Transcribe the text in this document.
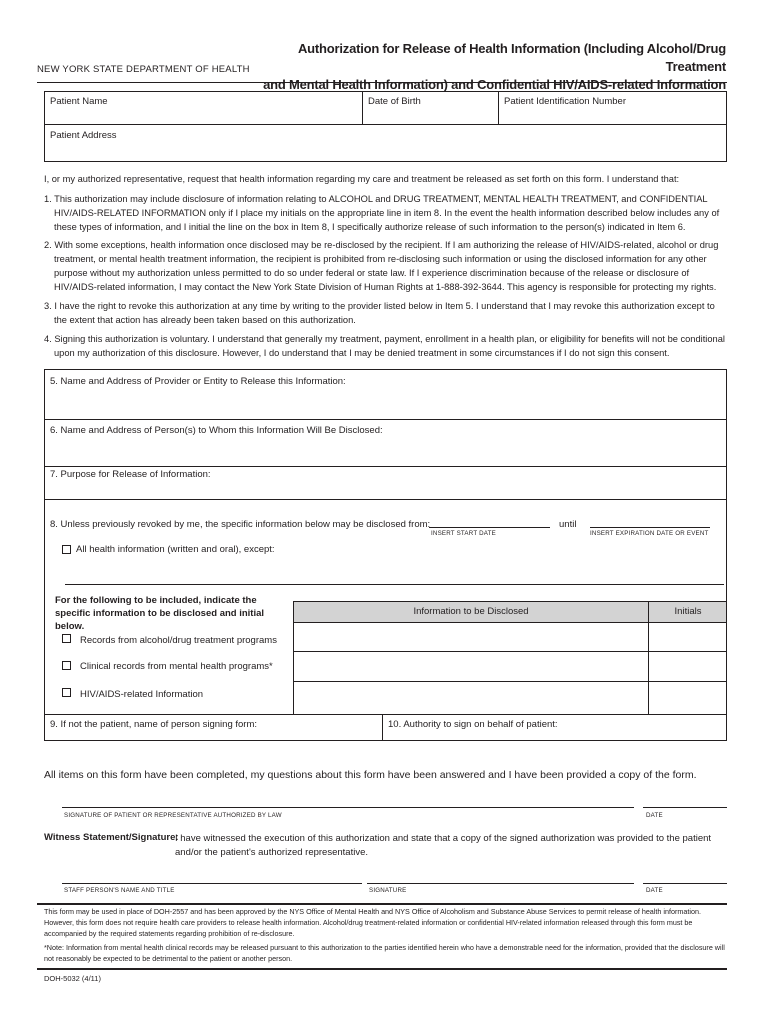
NEW YORK STATE DEPARTMENT OF HEALTH
Authorization for Release of Health Information (Including Alcohol/Drug Treatment
and Mental Health Information) and Confidential HIV/AIDS-related Information
Patient Name	Date of Birth	Patient Identification Number
Patient Address
I, or my authorized representative, request that health information regarding my care and treatment be released as set forth on this form. I understand that:
1. This authorization may include disclosure of information relating to ALCOHOL and DRUG TREATMENT, MENTAL HEALTH TREATMENT, and CONFIDENTIAL HIV/AIDS-RELATED INFORMATION only if I place my initials on the appropriate line in item 8. In the event the health information described below includes any of these types of information, and I initial the line on the box in Item 8, I specifically authorize release of such information to the person(s) indicated in Item 6.
2. With some exceptions, health information once disclosed may be re-disclosed by the recipient. If I am authorizing the release of HIV/AIDS-related, alcohol or drug treatment, or mental health treatment information, the recipient is prohibited from re-disclosing such information or using the disclosed information for any other purpose without my authorization unless permitted to do so under federal or state law. If I experience discrimination because of the release or disclosure of HIV/AIDS-related information, I may contact the New York State Division of Human Rights at 1-888-392-3644. This agency is responsible for protecting my rights.
3. I have the right to revoke this authorization at any time by writing to the provider listed below in Item 5. I understand that I may revoke this authorization except to the extent that action has already been taken based on this authorization.
4. Signing this authorization is voluntary. I understand that generally my treatment, payment, enrollment in a health plan, or eligibility for benefits will not be conditional upon my authorization of this disclosure. However, I do understand that I may be denied treatment in some circumstances if I do not sign this consent.
5. Name and Address of Provider or Entity to Release this Information:
6. Name and Address of Person(s) to Whom this Information Will Be Disclosed:
7. Purpose for Release of Information:
8. Unless previously revoked by me, the specific information below may be disclosed from:
INSERT START DATE
until
INSERT EXPIRATION DATE OR EVENT
All health information (written and oral), except:
For the following to be included, indicate the specific information to be disclosed and initial below.
Information to be Disclosed	Initials
Records from alcohol/drug treatment programs
Clinical records from mental health programs*
HIV/AIDS-related Information
9. If not the patient, name of person signing form:	10. Authority to sign on behalf of patient:
All items on this form have been completed, my questions about this form have been answered and I have been provided a copy of the form.
SIGNATURE OF PATIENT OR REPRESENTATIVE AUTHORIZED BY LAW	DATE
Witness Statement/Signature:
I have witnessed the execution of this authorization and state that a copy of the signed authorization was provided to the patient
and/or the patient's authorized representative.
STAFF PERSON'S NAME AND TITLE	SIGNATURE	DATE
This form may be used in place of DOH-2557 and has been approved by the NYS Office of Mental Health and NYS Office of Alcoholism and Substance Abuse Services to permit release of health information. However, this form does not require health care providers to release health information. Alcohol/drug treatment-related information or confidential HIV-related information released through this form must be accompanied by the required statements regarding prohibition of re-disclosure.
*Note: Information from mental health clinical records may be released pursuant to this authorization to the parties identified herein who have a demonstrable need for the information, provided that the disclosure will not reasonably be expected to be detrimental to the patient or another person.
DOH-5032 (4/11)
